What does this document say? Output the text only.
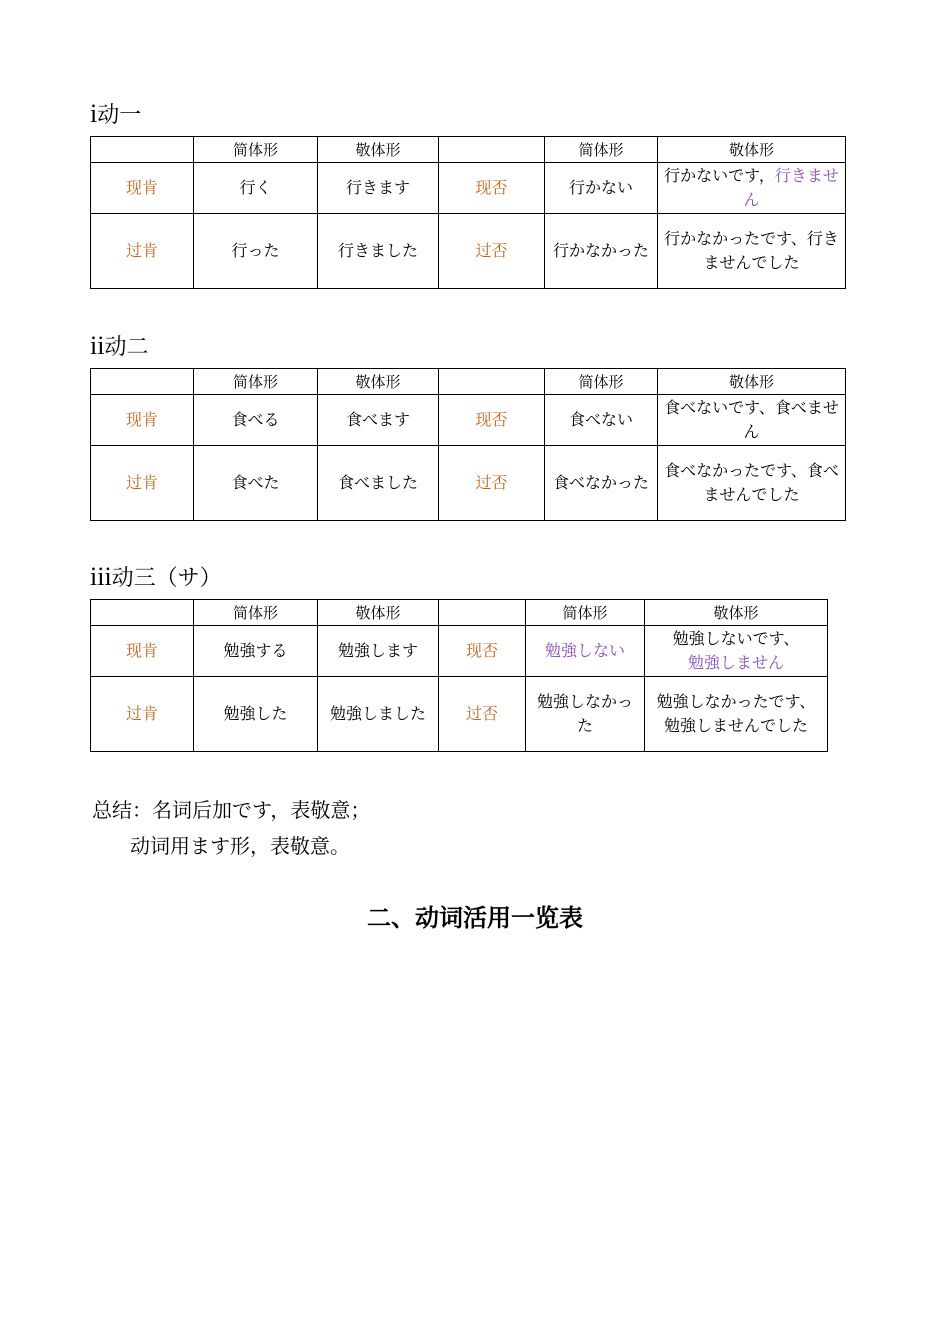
i动一
	简体形	敬体形		简体形	敬体形
现肯	行く	行きます	现否	行かない	行かないです，行きません
过肯	行った	行きました	过否	行かなかった	行かなかったです、行きませんでした
ii动二
	简体形	敬体形		简体形	敬体形
现肯	食べる	食べます	现否	食べない	食べないです、食べません
过肯	食べた	食べました	过否	食べなかった	食べなかったです、食べませんでした
iii动三（サ）
	简体形	敬体形		简体形	敬体形
现肯	勉強する	勉強します	现否	勉強しない	勉強しないです、
勉強しません
过肯	勉強した	勉強しました	过否	勉強しなかった	勉強しなかったです、勉強しませんでした
总结：名词后加です，表敬意；
动词用ます形，表敬意。
二、动词活用一览表
